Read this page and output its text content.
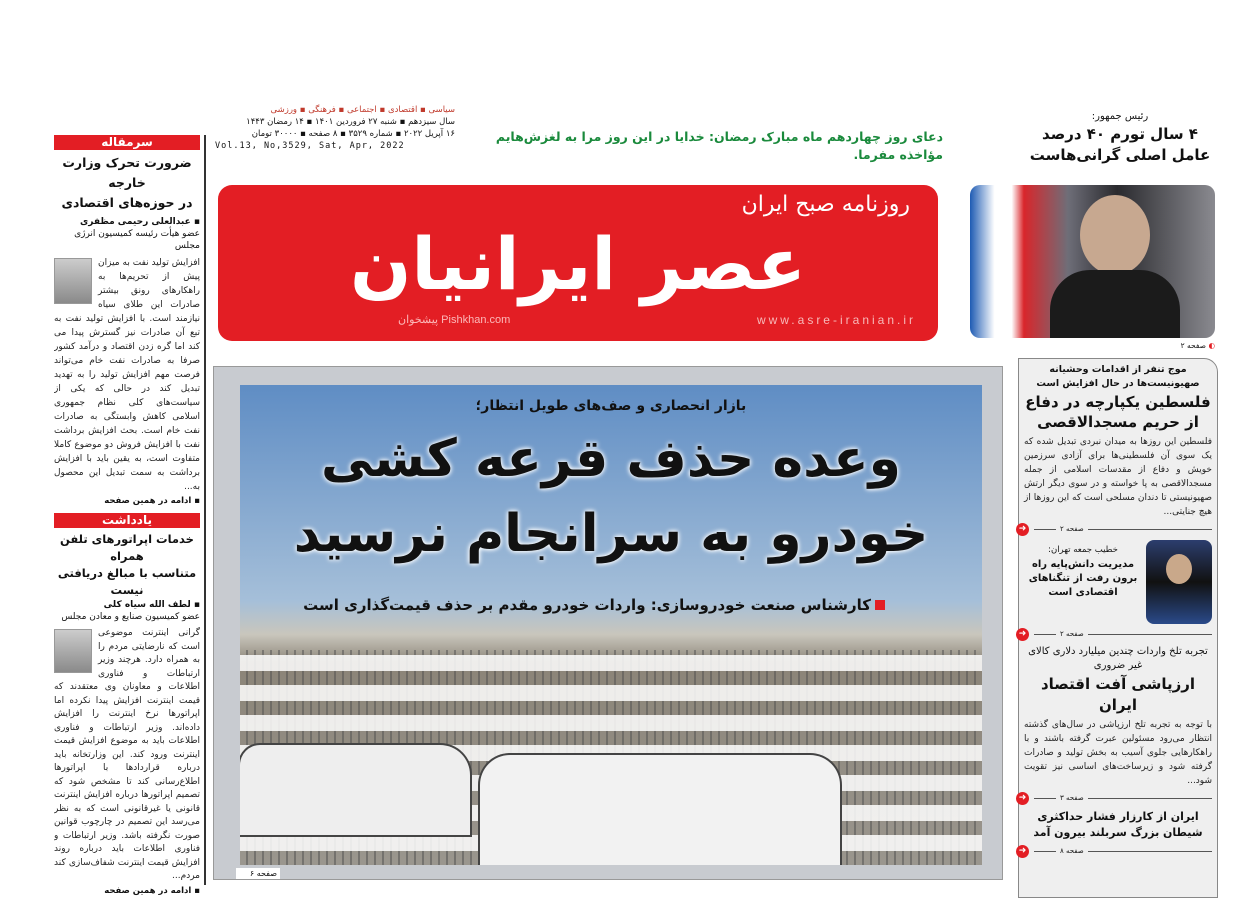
سرمقاله
ضرورت تحرک وزارت خارجه
در حوزه‌های اقتصادی
▪ عبدالعلی رحیمی مظفری
عضو هیأت رئیسه کمیسیون انرژی مجلس
افزایش تولید نفت به میزان پیش از تحریم‌ها به راهکارهای رونق بیشتر صادرات این طلای سیاه نیازمند است. با افزایش تولید نفت به تبع آن صادرات نیز گسترش پیدا می کند اما گره زدن اقتصاد و درآمد کشور صرفا به صادرات نفت خام می‌تواند فرصت مهم افزایش تولید را به تهدید تبدیل کند در حالی که یکی از سیاست‌های کلی نظام جمهوری اسلامی کاهش وابستگی به صادرات نفت خام است. بحث افزایش برداشت نفت با افزایش فروش دو موضوع کاملا متفاوت است، به یقین باید با افزایش برداشت به سمت تبدیل این محصول به...
▪ ادامه در همین صفحه
یادداشت
خدمات اپراتورهای تلفن همراه
متناسب با مبالغ دریافتی نیست
▪ لطف الله سیاه کلی
عضو کمیسیون صنایع و معادن مجلس
گرانی اینترنت موضوعی است که نارضایتی مردم را به همراه دارد. هرچند وزیر ارتباطات و فناوری اطلاعات و معاونان وی معتقدند که قیمت اینترنت افزایش پیدا نکرده اما اپراتورها نرخ اینترنت را افزایش داده‌اند. وزیر ارتباطات و فناوری اطلاعات باید به موضوع افزایش قیمت اینترنت ورود کند. این وزارتخانه باید درباره قراردادها با اپراتورها اطلاع‌رسانی کند تا مشخص شود که تصمیم اپراتورها درباره افزایش اینترنت قانونی یا غیرقانونی است که به نظر می‌رسد این تصمیم در چارچوب قوانین صورت نگرفته باشد. وزیر ارتباطات و فناوری اطلاعات باید درباره روند افزایش قیمت اینترنت شفاف‌سازی کند مردم...
▪ ادامه در همین صفحه
سیاسی ▪ اقتصادی ▪ اجتماعی ▪ فرهنگی ▪ ورزشی
سال سیزدهم ▪ شنبه ۲۷ فروردین ۱۴۰۱ ▪ ۱۴ رمضان ۱۴۴۳
۱۶ آپریل ۲۰۲۲ ▪ شماره ۳۵۲۹ ▪ ۸ صفحه ▪ ۳۰۰۰۰ تومان
Vol.13, No,3529, Sat, Apr, 2022
دعای روز چهاردهم ماه مبارک رمضان: خدایا در این روز مرا به لغزش‌هایم مؤاخذه مفرما.
روزنامه صبح ایران
عصر ایرانیان
www.asre-iranian.ir
پیشخوان Pishkhan.com
رئیس جمهور:
۴ سال تورم ۴۰ درصد
عامل اصلی گرانی‌هاست
◐ صفحه ۲
بازار انحصاری و صف‌های طویل انتظار؛
وعده حذف قرعه کشی
خودرو به سرانجام نرسید
کارشناس صنعت خودروسازی: واردات خودرو مقدم بر حذف قیمت‌گذاری است
صفحه ۶
موج تنفر از اقدامات وحشیانه صهیونیست‌ها در حال افزایش است
فلسطین یکپارچه در دفاع از حریم مسجدالاقصی
فلسطین این روزها به میدان نبردی تبدیل شده که یک سوی آن فلسطینی‌ها برای آزادی سرزمین خویش و دفاع از مقدسات اسلامی از جمله مسجدالاقصی به پا خواسته و در سوی دیگر ارتش صهیونیستی تا دندان مسلحی است که این روزها از هیچ جنایتی...
➜	صفحه ۲
خطیب جمعه تهران:
مدیریت دانش‌پایه راه برون رفت از تنگناهای اقتصادی است
➜	صفحه ۲
تجربه تلخ واردات چندین میلیارد دلاری کالای غیر ضروری
ارزپاشی آفت اقتصاد ایران
با توجه به تجربه تلخ ارزپاشی در سال‌های گذشته انتظار می‌رود مسئولین عبرت گرفته باشند و با راهکارهایی جلوی آسیب به بخش تولید و صادرات گرفته شود و زیرساخت‌های اساسی نیز تقویت شود...
➜	صفحه ۳
ایران از کارزار فشار حداکثری
شیطان بزرگ سربلند بیرون آمد
➜	صفحه ۸
